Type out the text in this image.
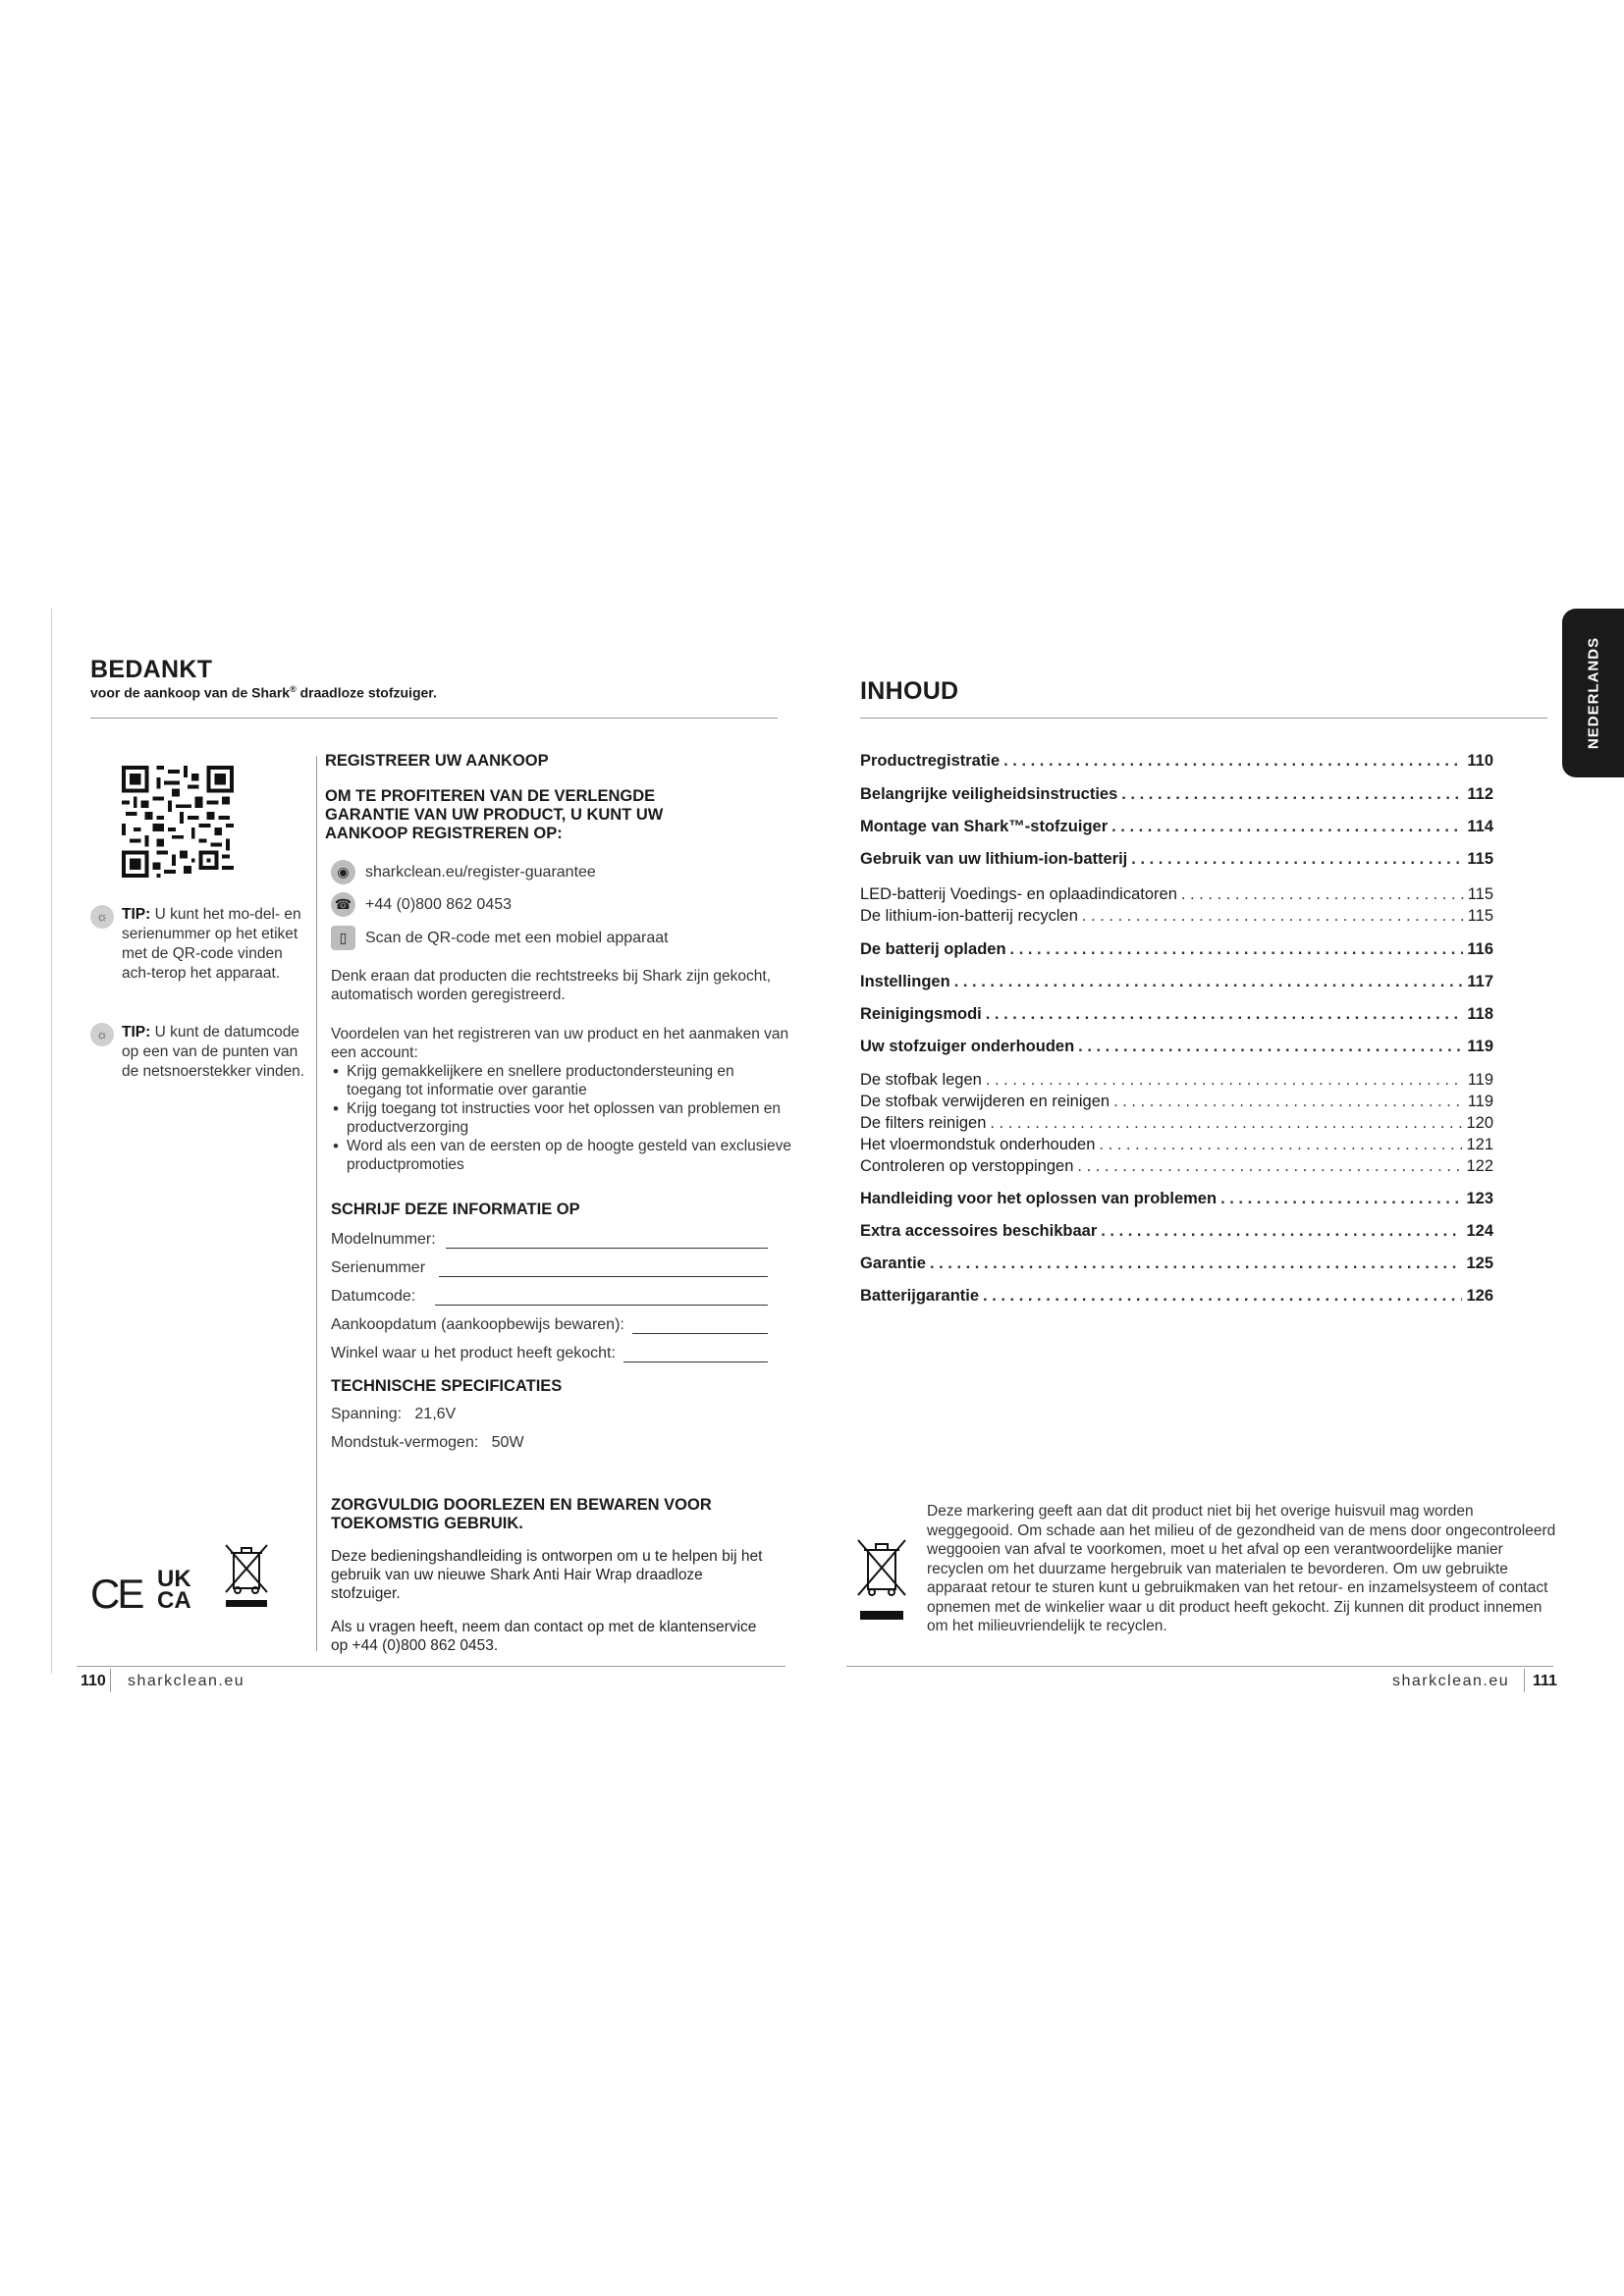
BEDANKT
voor de aankoop van de Shark® draadloze stofzuiger.
☼ TIP: U kunt het mo-del- en serienummer op het etiket met de QR-code vinden ach-terop het apparaat.
☼ TIP: U kunt de datumcode op een van de punten van de netsnoerstekker vinden.
REGISTREER UW AANKOOP
OM TE PROFITEREN VAN DE VERLENGDE GARANTIE VAN UW PRODUCT, U KUNT UW AANKOOP REGISTREREN OP:
◉	sharkclean.eu/register-guarantee
☎ +44 (0)800 862 0453
▯	Scan de QR-code met een mobiel apparaat
Denk eraan dat producten die rechtstreeks bij Shark zijn gekocht, automatisch worden geregistreerd.
Voordelen van het registreren van uw product en het aanmaken van een account:
• Krijg gemakkelijkere en snellere productondersteuning en toegang tot informatie over garantie
• Krijg toegang tot instructies voor het oplossen van problemen en productverzorging
• Word als een van de eersten op de hoogte gesteld van exclusieve productpromoties
SCHRIJF DEZE INFORMATIE OP
Modelnummer:
Serienummer
Datumcode:
Aankoopdatum (aankoopbewijs bewaren):
Winkel waar u het product heeft gekocht:
TECHNISCHE SPECIFICATIES
Spanning: 21,6V
Mondstuk-vermogen: 50W
ZORGVULDIG DOORLEZEN EN BEWAREN VOOR TOEKOMSTIG GEBRUIK.
Deze bedieningshandleiding is ontworpen om u te helpen bij het gebruik van uw nieuwe Shark Anti Hair Wrap draadloze stofzuiger.
Als u vragen heeft, neem dan contact op met de klantenservice op +44 (0)800 862 0453.
CE UK
CA
110 sharkclean.eu
NEDERLANDS
INHOUD
Productregistratie . . .	110
Belangrijke veiligheidsinstructies . . .	112
Montage van Shark™-stofzuiger . . .	114
Gebruik van uw lithium-ion-batterij . . .	115
LED-batterij Voedings- en oplaadindicatoren . . .	115
De lithium-ion-batterij recyclen . . .	115
De batterij opladen . . .	116
Instellingen . . .	117
Reinigingsmodi . . .	118
Uw stofzuiger onderhouden . . .	119
De stofbak legen . . .	119
De stofbak verwijderen en reinigen . . .	119
De filters reinigen . . .	120
Het vloermondstuk onderhouden . . .	121
Controleren op verstoppingen . . .	122
Handleiding voor het oplossen van problemen . . .	123
Extra accessoires beschikbaar . . .	124
Garantie . . .	125
Batterijgarantie . . .	126
Deze markering geeft aan dat dit product niet bij het overige huisvuil mag worden weggegooid. Om schade aan het milieu of de gezondheid van de mens door ongecontroleerd weggooien van afval te voorkomen, moet u het afval op een verantwoordelijke manier recyclen om het duurzame hergebruik van materialen te bevorderen. Om uw gebruikte apparaat retour te sturen kunt u gebruikmaken van het retour- en inzamelsysteem of contact opnemen met de winkelier waar u dit product heeft gekocht. Zij kunnen dit product innemen om het milieuvriendelijk te recyclen.
sharkclean.eu 111
